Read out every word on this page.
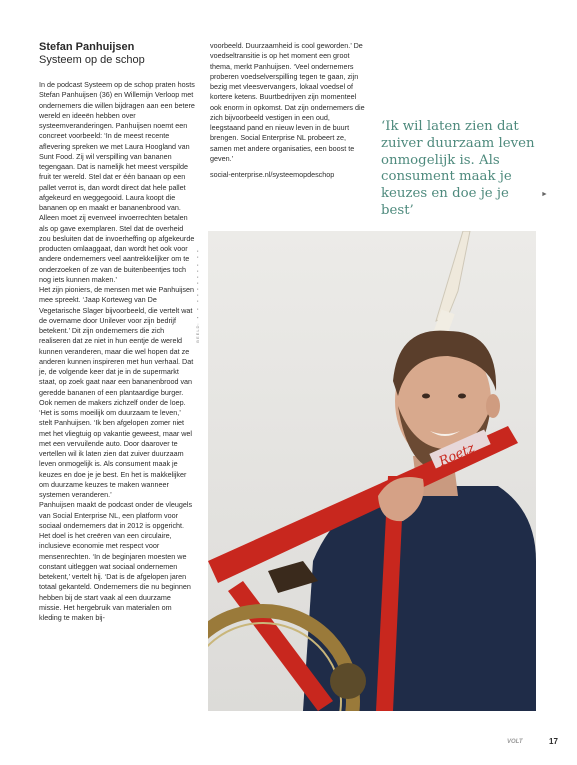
Stefan Panhuijsen
Systeem op de schop

In de podcast Systeem op de schop praten hosts Stefan Panhuijsen (36) en Willemijn Verloop met ondernemers die willen bijdragen aan een betere wereld en ideeën hebben over systeemveranderingen. Panhuijsen noemt een concreet voorbeeld: ‘In de meest recente aflevering spreken we met Laura Hoogland van Sunt Food. Zij wil verspilling van bananen tegengaan. Dat is namelijk het meest verspilde fruit ter wereld. Stel dat er één banaan op een pallet verrot is, dan wordt direct dat hele pallet afgekeurd en weggegooid. Laura koopt die bananen op en maakt er bananenbrood van. Alleen moet zij evenveel invoerrechten betalen als op gave exemplaren. Stel dat de overheid zou besluiten dat de invoerheffing op afgekeurde producten omlaaggaat, dan wordt het ook voor andere ondernemers veel aantrekkelijker om te onderzoeken of ze van de buitenbeentjes toch nog iets kunnen maken.’

Het zijn pioniers, de mensen met wie Panhuijsen mee spreekt. ‘Jaap Korteweg van De Vegetarische Slager bijvoorbeeld, die vertelt wat de overname door Unilever voor zijn bedrijf betekent.’ Dit zijn ondernemers die zich realiseren dat ze niet in hun eentje de wereld kunnen veranderen, maar die wel hopen dat ze anderen kunnen inspireren met hun verhaal. Dat je, de volgende keer dat je in de supermarkt staat, op zoek gaat naar een bananenbrood van geredde bananen of een plantaardige burger.

Ook nemen de makers zichzelf onder de loep. ‘Het is soms moeilijk om duurzaam te leven,’ stelt Panhuijsen. ‘Ik ben afgelopen zomer niet met het vliegtuig op vakantie geweest, maar wel met een vervuilende auto. Door daarover te vertellen wil ik laten zien dat zuiver duurzaam leven onmogelijk is. Als consument maak je keuzes en doe je je best. En het is makkelijker om duurzame keuzes te maken wanneer systemen veranderen.’

Panhuijsen maakt de podcast onder de vleugels van Social Enterprise NL, een platform voor sociaal ondernemers dat in 2012 is opgericht. Het doel is het creëren van een circulaire, inclusieve economie met respect voor mensenrechten. ‘In de beginjaren moesten we constant uitleggen wat sociaal ondernemen betekent,’ vertelt hij. ‘Dat is de afgelopen jaren totaal gekanteld. Ondernemers die nu beginnen hebben bij de start vaak al een duurzame missie. Het hergebruik van materialen om kleding te maken bij-

voorbeeld. Duurzaamheid is cool geworden.’ De voedseltransitie is op het moment een groot thema, merkt Panhuijsen. ‘Veel ondernemers proberen voedselverspilling tegen te gaan, zijn bezig met vleesvervangers, lokaal voedsel of kortere ketens. Buurtbedrijven zijn momenteel ook enorm in opkomst. Dat zijn ondernemers die zich bijvoorbeeld vestigen in een oud, leegstaand pand en nieuw leven in de buurt brengen. Social Enterprise NL probeert ze, samen met andere organisaties, een boost te geven.’

social-enterprise.nl/systeemopdeschop

‘Ik wil laten zien dat zuiver duurzaam leven onmogelijk is. Als consument maak je keuzes en doe je je best’
►
BEELD: ▪ ▪ ▪▪▪▪▪▪▪ ▪▪
Roetz
VOLT	17
